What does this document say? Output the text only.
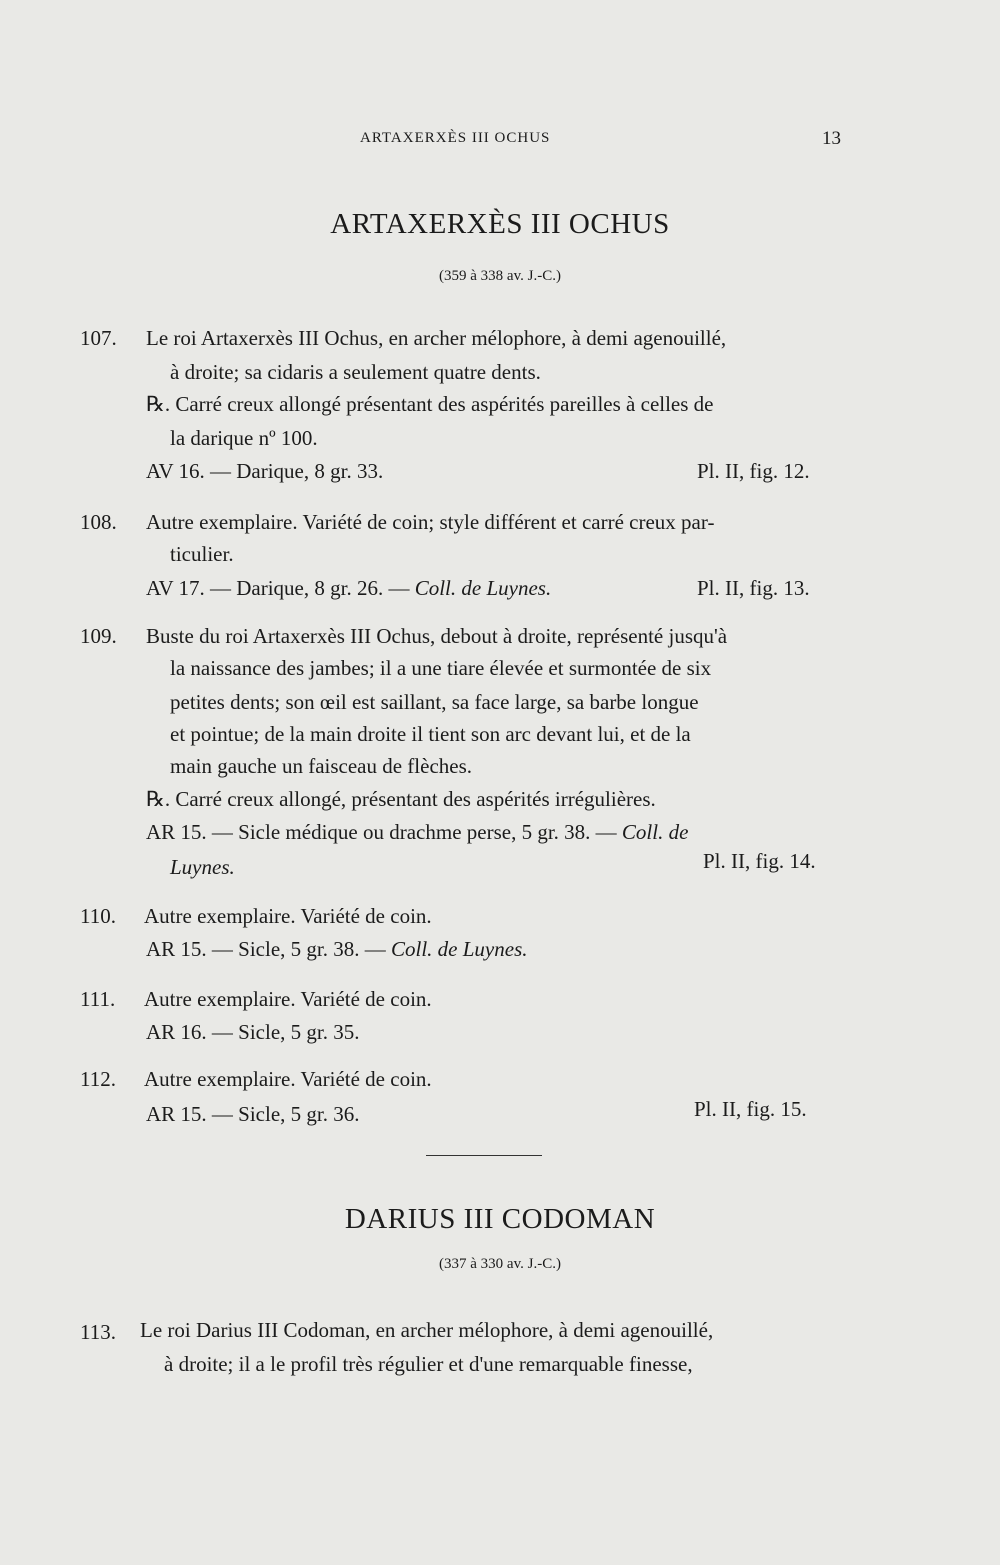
ARTAXERXÈS III OCHUS	13
ARTAXERXÈS III OCHUS
(359 à 338 av. J.-C.)
107. Le roi Artaxerxès III Ochus, en archer mélophore, à demi agenouillé,
à droite; sa cidaris a seulement quatre dents.
℞. Carré creux allongé présentant des aspérités pareilles à celles de
la darique nº 100.
AV 16. — Darique, 8 gr. 33.	Pl. II, fig. 12.
108. Autre exemplaire. Variété de coin; style différent et carré creux par-
ticulier.
AV 17. — Darique, 8 gr. 26. — Coll. de Luynes.	Pl. II, fig. 13.
109. Buste du roi Artaxerxès III Ochus, debout à droite, représenté jusqu'à
la naissance des jambes; il a une tiare élevée et surmontée de six
petites dents; son œil est saillant, sa face large, sa barbe longue
et pointue; de la main droite il tient son arc devant lui, et de la
main gauche un faisceau de flèches.
℞. Carré creux allongé, présentant des aspérités irrégulières.
AR 15. — Sicle médique ou drachme perse, 5 gr. 38. — Coll. de
Luynes.	Pl. II, fig. 14.
110. Autre exemplaire. Variété de coin.
AR 15. — Sicle, 5 gr. 38. — Coll. de Luynes.
111. Autre exemplaire. Variété de coin.
AR 16. — Sicle, 5 gr. 35.
112. Autre exemplaire. Variété de coin.
AR 15. — Sicle, 5 gr. 36.	Pl. II, fig. 15.
DARIUS III CODOMAN
(337 à 330 av. J.-C.)
113. Le roi Darius III Codoman, en archer mélophore, à demi agenouillé,
à droite; il a le profil très régulier et d'une remarquable finesse,
